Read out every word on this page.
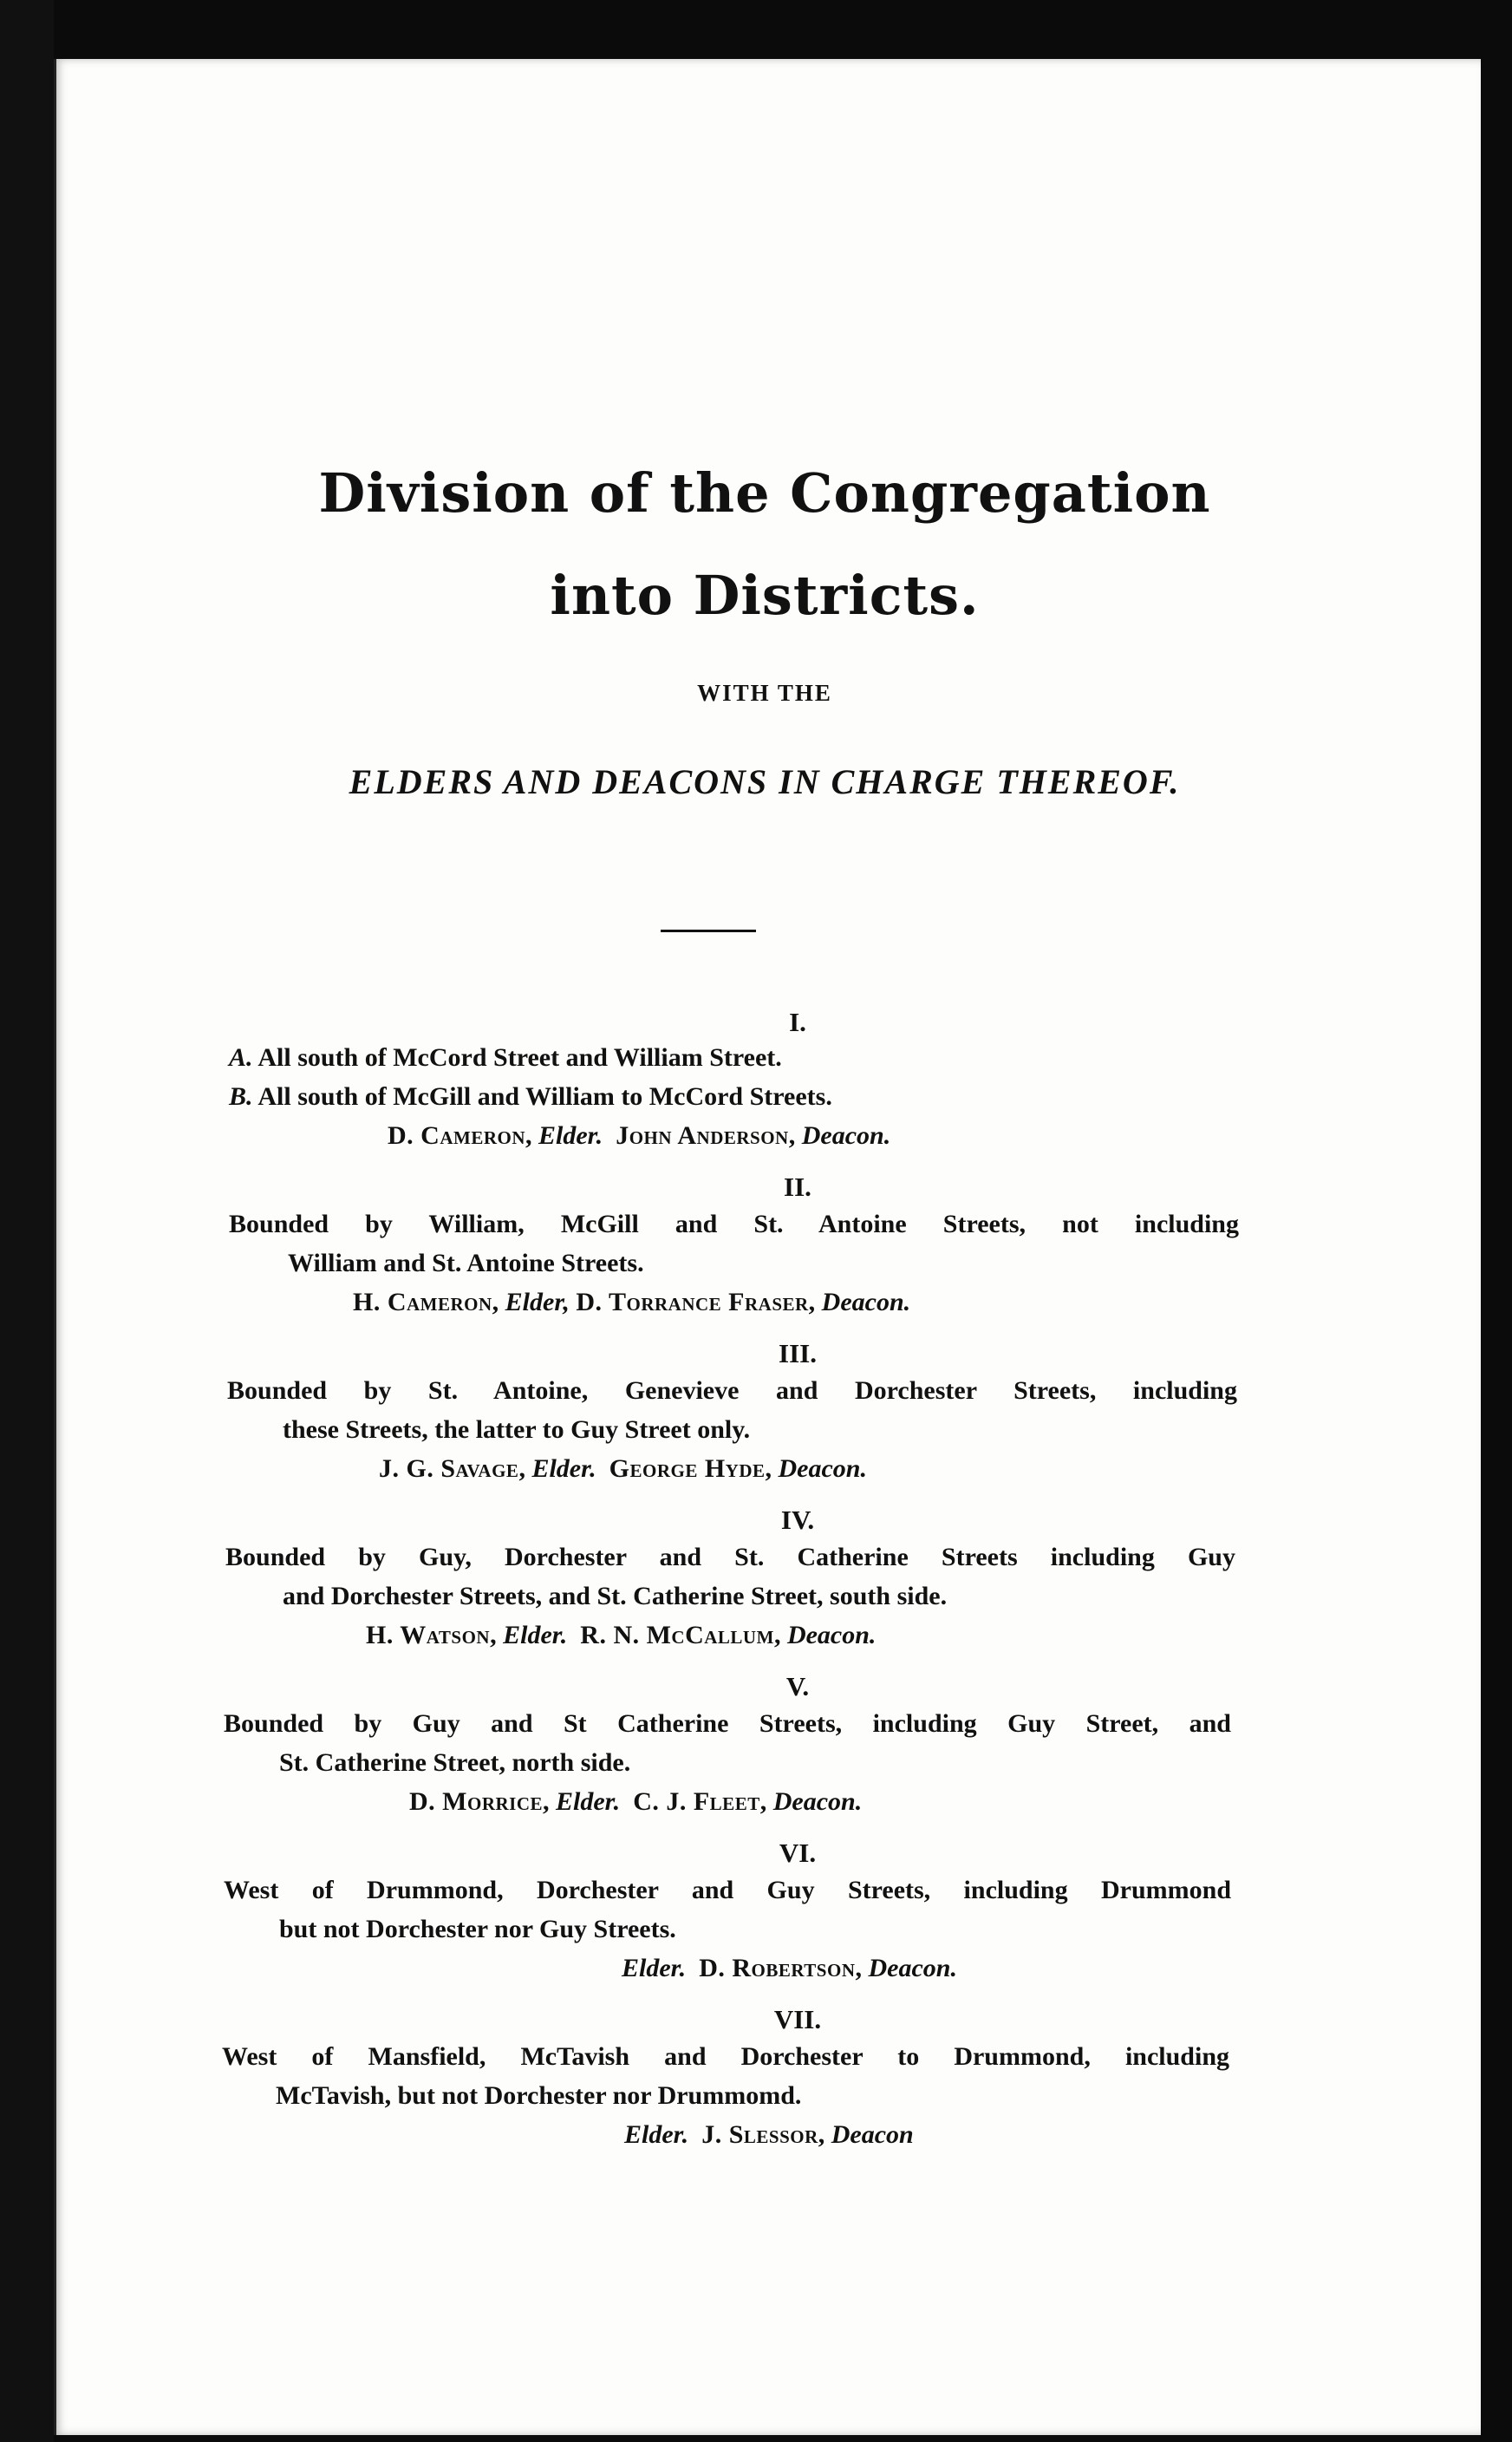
Division of the Congregation
into Districts.
WITH THE
ELDERS AND DEACONS IN CHARGE THEREOF.
I.
A. All south of McCord Street and William Street.
B. All south of McGill and William to McCord Streets.
D. Cameron, Elder. John Anderson, Deacon.
II.
Bounded by William, McGill and St. Antoine Streets, not including
William and St. Antoine Streets.
H. Cameron, Elder, D. Torrance Fraser, Deacon.
III.
Bounded by St. Antoine, Genevieve and Dorchester Streets, including
these Streets, the latter to Guy Street only.
J. G. Savage, Elder. George Hyde, Deacon.
IV.
Bounded by Guy, Dorchester and St. Catherine Streets including Guy
and Dorchester Streets, and St. Catherine Street, south side.
H. Watson, Elder. R. N. McCallum, Deacon.
V.
Bounded by Guy and St Catherine Streets, including Guy Street, and
St. Catherine Street, north side.
D. Morrice, Elder. C. J. Fleet, Deacon.
VI.
West of Drummond, Dorchester and Guy Streets, including Drummond
but not Dorchester nor Guy Streets.
Elder. D. Robertson, Deacon.
VII.
West of Mansfield, McTavish and Dorchester to Drummond, including
McTavish, but not Dorchester nor Drummomd.
Elder. J. Slessor, Deacon
